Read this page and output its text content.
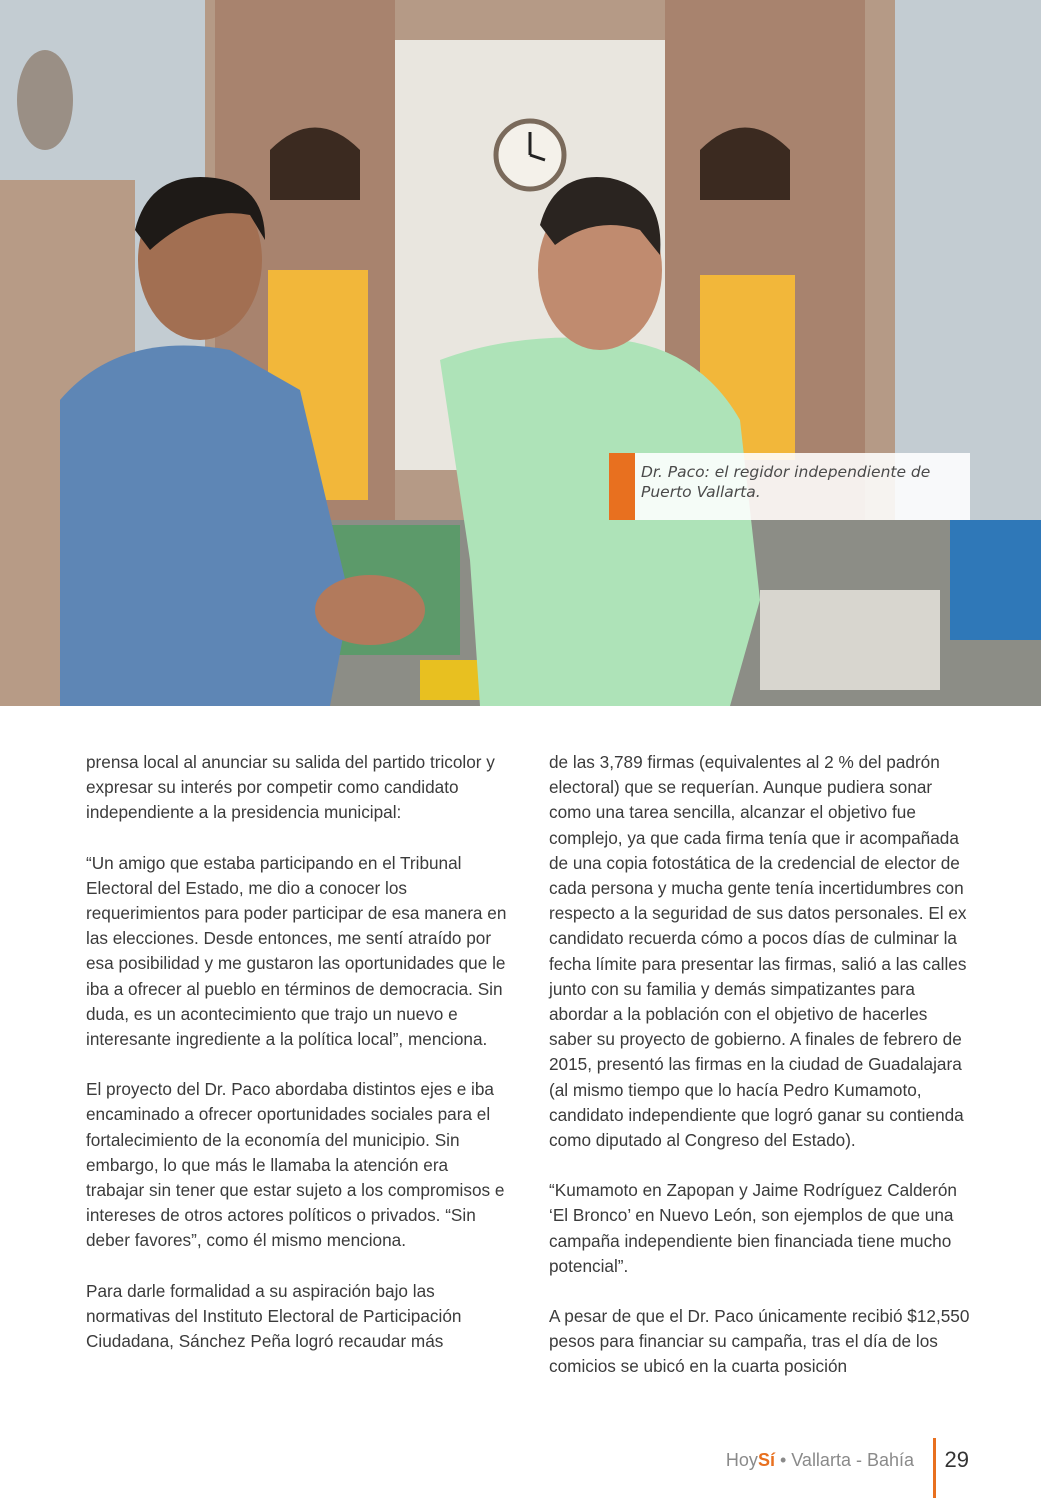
Dr. Paco: el regidor independiente de
Puerto Vallarta.

prensa local al anunciar su salida del partido tricolor y expresar su interés por competir como candidato independiente a la presidencia municipal:

“Un amigo que estaba participando en el Tribunal Electoral del Estado, me dio a conocer los requerimientos para poder participar de esa manera en las elecciones. Desde entonces, me sentí atraído por esa posibilidad y me gustaron las oportunidades que le iba a ofrecer al pueblo en términos de democracia. Sin duda, es un acontecimiento que trajo un nuevo e interesante ingrediente a la política local”, menciona.

El proyecto del Dr. Paco abordaba distintos ejes e iba encaminado a ofrecer oportunidades sociales para el fortalecimiento de la economía del municipio. Sin embargo, lo que más le llamaba la atención era trabajar sin tener que estar sujeto a los compromisos e intereses de otros actores políticos o privados. “Sin deber favores”, como él mismo menciona.

Para darle formalidad a su aspiración bajo las normativas del Instituto Electoral de Participación Ciudadana, Sánchez Peña logró recaudar más

de las 3,789 firmas (equivalentes al 2 % del padrón electoral) que se requerían. Aunque pudiera sonar como una tarea sencilla, alcanzar el objetivo fue complejo, ya que cada firma tenía que ir acompañada de una copia fotostática de la credencial de elector de cada persona y mucha gente tenía incertidumbres con respecto a la seguridad de sus datos personales. El ex candidato recuerda cómo a pocos días de culminar la fecha límite para presentar las firmas, salió a las calles junto con su familia y demás simpatizantes para abordar a la población con el objetivo de hacerles saber su proyecto de gobierno. A finales de febrero de 2015, presentó las firmas en la ciudad de Guadalajara (al mismo tiempo que lo hacía Pedro Kumamoto, candidato independiente que logró ganar su contienda como diputado al Congreso del Estado).

“Kumamoto en Zapopan y Jaime Rodríguez Calderón ‘El Bronco’ en Nuevo León, son ejemplos de que una campaña independiente bien financiada tiene mucho potencial”.

A pesar de que el Dr. Paco únicamente recibió $12,550 pesos para financiar su campaña, tras el día de los comicios se ubicó en la cuarta posición

HoySí • Vallarta - Bahía 29
